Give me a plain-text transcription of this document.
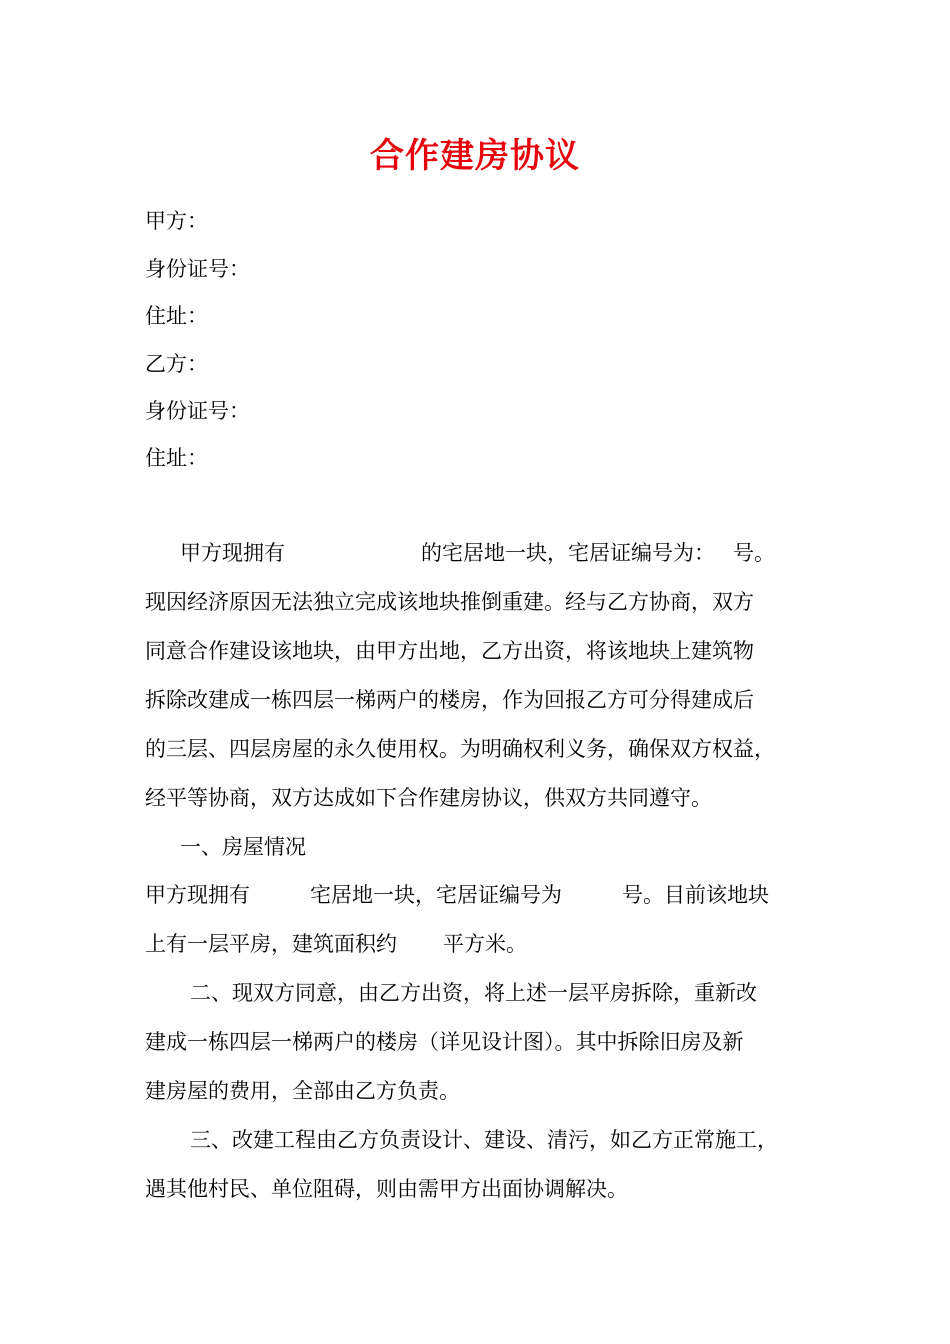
合作建房协议

甲方：

身份证号：

住址：

乙方：

身份证号：

住址：

甲方现拥有	的宅居地一块，宅居证编号为： 号。

现因经济原因无法独立完成该地块推倒重建。经与乙方协商，双方

同意合作建设该地块，由甲方出地，乙方出资，将该地块上建筑物

拆除改建成一栋四层一梯两户的楼房，作为回报乙方可分得建成后

的三层、四层房屋的永久使用权。为明确权利义务，确保双方权益，

经平等协商，双方达成如下合作建房协议，供双方共同遵守。

一、房屋情况

甲方现拥有	宅居地一块，宅居证编号为	号。目前该地块

上有一层平房，建筑面积约 平方米。

二、现双方同意，由乙方出资，将上述一层平房拆除，重新改

建成一栋四层一梯两户的楼房（详见设计图）。其中拆除旧房及新

建房屋的费用，全部由乙方负责。

三、改建工程由乙方负责设计、建设、清污，如乙方正常施工，

遇其他村民、单位阻碍，则由需甲方出面协调解决。
